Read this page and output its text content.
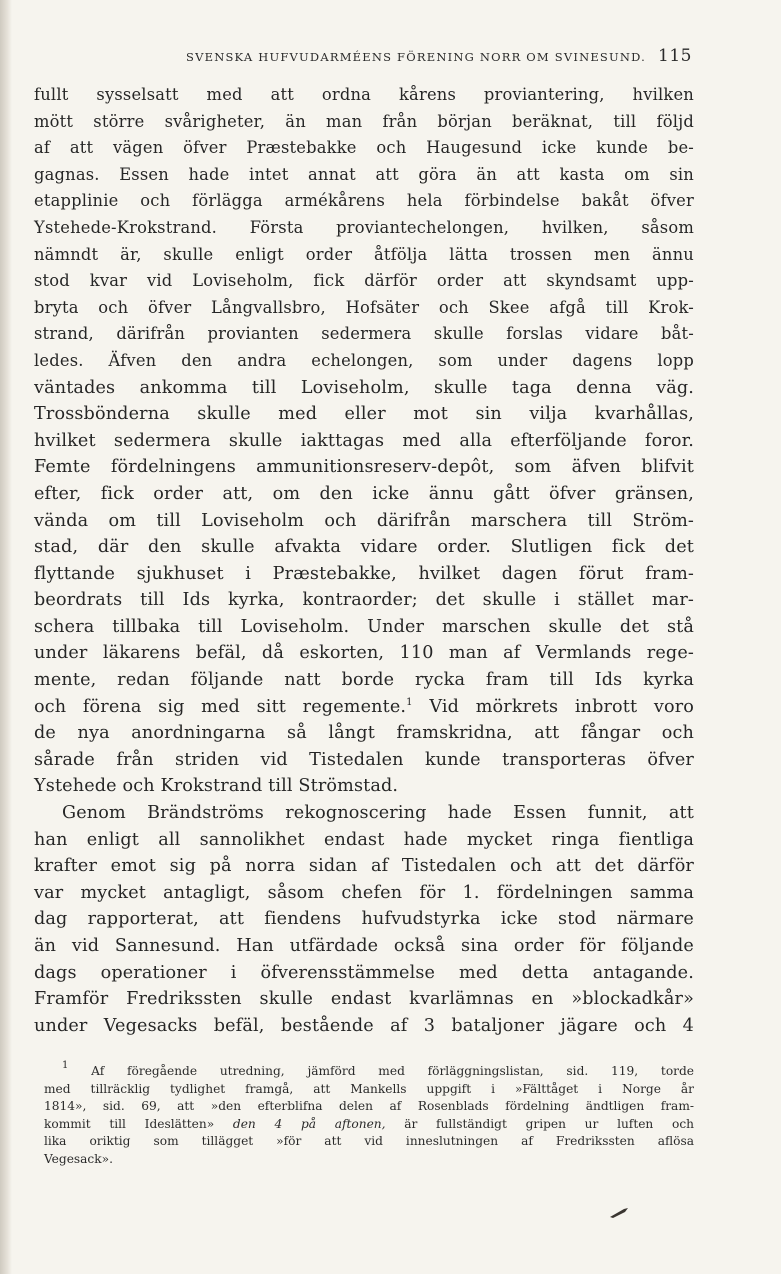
SVENSKA HUFVUDARMÉENS FÖRENING NORR OM SVINESUND. 115
fullt sysselsatt med att ordna kårens proviantering, hvilken
mött större svårigheter, än man från början beräknat, till följd
af att vägen öfver Præstebakke och Haugesund icke kunde be-
gagnas. Essen hade intet annat att göra än att kasta om sin
etapplinie och förlägga armékårens hela förbindelse bakåt öfver
Ystehede-Krokstrand. Första proviantechelongen, hvilken, såsom
nämndt är, skulle enligt order åtfölja lätta trossen men ännu
stod kvar vid Loviseholm, fick därför order att skyndsamt upp-
bryta och öfver Långvallsbro, Hofsäter och Skee afgå till Krok-
strand, därifrån provianten sedermera skulle forslas vidare båt-
ledes. Äfven den andra echelongen, som under dagens lopp
väntades ankomma till Loviseholm, skulle taga denna väg.
Trossbönderna skulle med eller mot sin vilja kvarhållas,
hvilket sedermera skulle iakttagas med alla efterföljande foror.
Femte fördelningens ammunitionsreserv-depôt, som äfven blifvit
efter, fick order att, om den icke ännu gått öfver gränsen,
vända om till Loviseholm och därifrån marschera till Ström-
stad, där den skulle afvakta vidare order. Slutligen fick det
flyttande sjukhuset i Præstebakke, hvilket dagen förut fram-
beordrats till Ids kyrka, kontraorder; det skulle i stället mar-
schera tillbaka till Loviseholm. Under marschen skulle det stå
under läkarens befäl, då eskorten, 110 man af Vermlands rege-
mente, redan följande natt borde rycka fram till Ids kyrka
och förena sig med sitt regemente.$^1$ Vid mörkrets inbrott voro
de nya anordningarna så långt framskridna, att fångar och
sårade från striden vid Tistedalen kunde transporteras öfver
Ystehede och Krokstrand till Strömstad.
Genom Brändströms rekognoscering hade Essen funnit, att
han enligt all sannolikhet endast hade mycket ringa fientliga
krafter emot sig på norra sidan af Tistedalen och att det därför
var mycket antagligt, såsom chefen för 1. fördelningen samma
dag rapporterat, att fiendens hufvudstyrka icke stod närmare
än vid Sannesund. Han utfärdade också sina order för följande
dags operationer i öfverensstämmelse med detta antagande.
Framför Fredrikssten skulle endast kvarlämnas en »blockadkår»
under Vegesacks befäl, bestående af 3 bataljoner jägare och 4
$^1$ Af föregående utredning, jämförd med förläggningslistan, sid. 119, torde
med tillräcklig tydlighet framgå, att Mankells uppgift i »Fälttåget i Norge år
1814», sid. 69, att »den efterblifna delen af Rosenblads fördelning ändtligen fram-
kommit till Ideslätten» den 4 på aftonen, är fullständigt gripen ur luften och
lika oriktig som tillägget »för att vid inneslutningen af Fredrikssten aflösa
Vegesack».
